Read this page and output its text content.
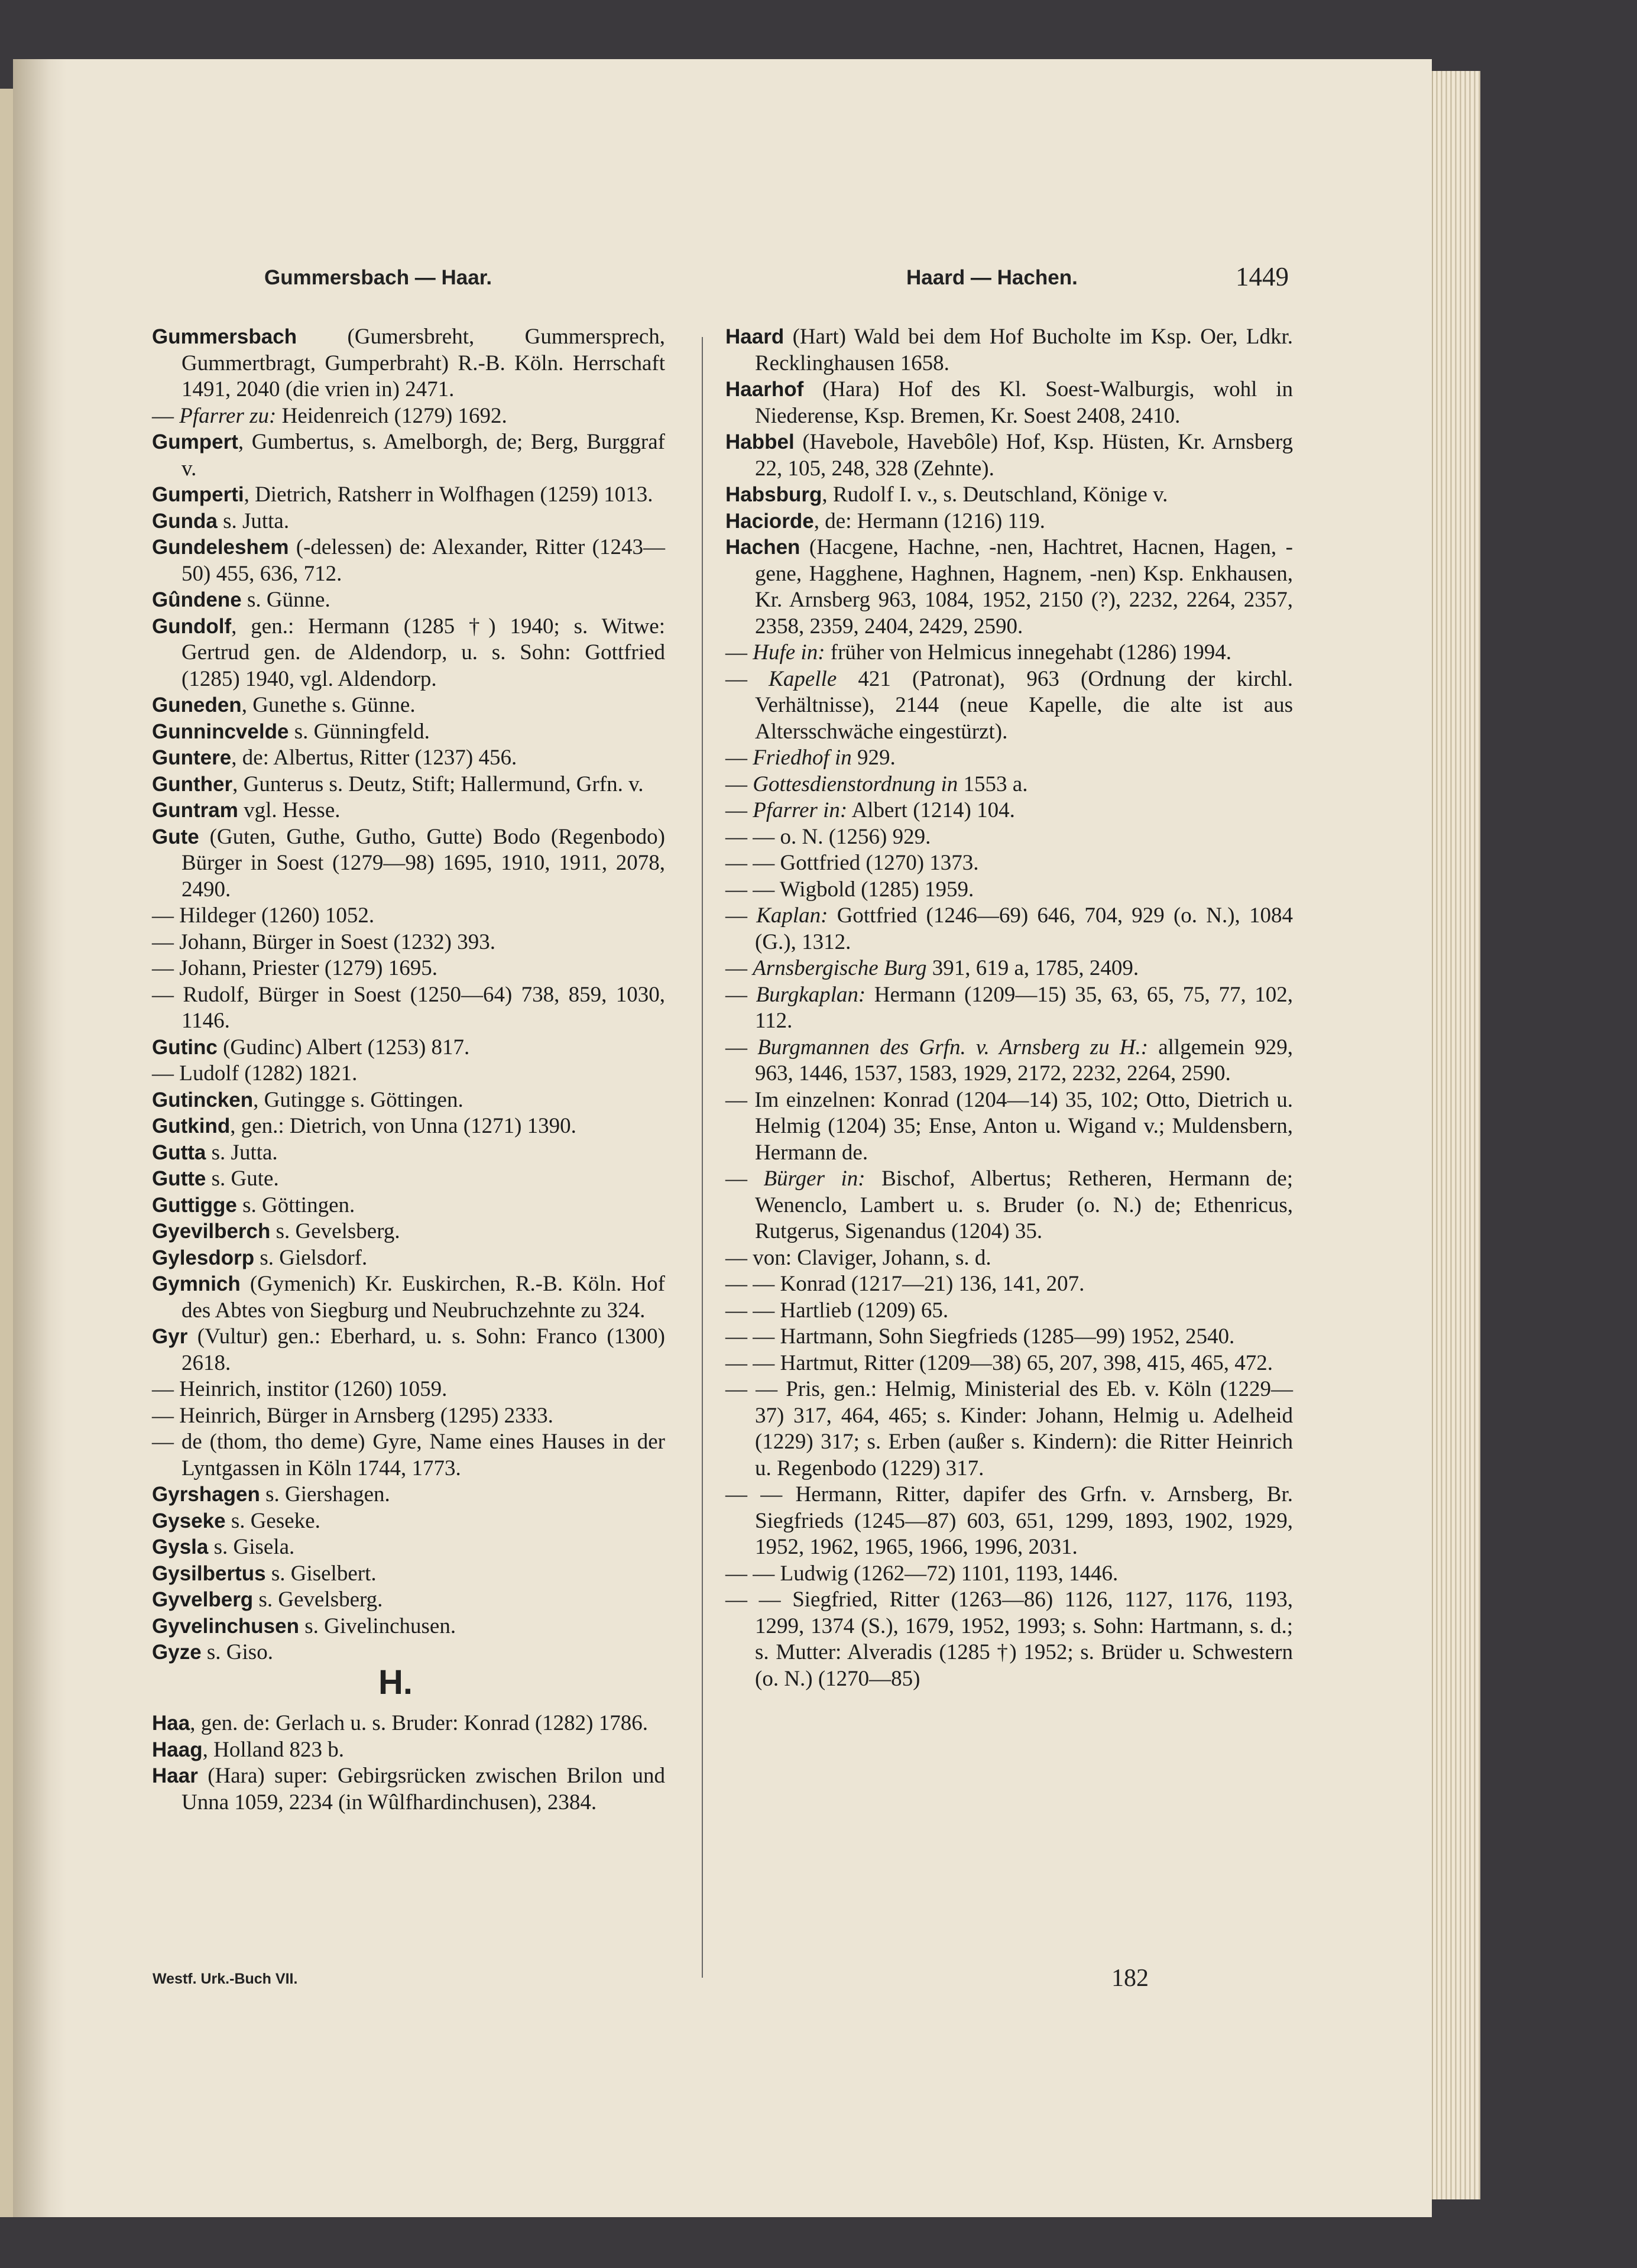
Gummersbach — Haar.	Haard — Hachen.	1449
Gummersbach (Gumersbreht, Gummersprech, Gummertbragt, Gumperbraht) R.-B. Köln. Herrschaft 1491, 2040 (die vrien in) 2471.
— Pfarrer zu: Heidenreich (1279) 1692.
Gumpert, Gumbertus, s. Amelborgh, de; Berg, Burggraf v.
Gumperti, Dietrich, Ratsherr in Wolfhagen (1259) 1013.
Gunda s. Jutta.
Gundeleshem (-delessen) de: Alexander, Ritter (1243—50) 455, 636, 712.
Gûndene s. Günne.
Gundolf, gen.: Hermann (1285 †) 1940; s. Witwe: Gertrud gen. de Aldendorp, u. s. Sohn: Gottfried (1285) 1940, vgl. Aldendorp.
Guneden, Gunethe s. Günne.
Gunnincvelde s. Günningfeld.
Guntere, de: Albertus, Ritter (1237) 456.
Gunther, Gunterus s. Deutz, Stift; Hallermund, Grfn. v.
Guntram vgl. Hesse.
Gute (Guten, Guthe, Gutho, Gutte) Bodo (Regenbodo) Bürger in Soest (1279—98) 1695, 1910, 1911, 2078, 2490.
— Hildeger (1260) 1052.
— Johann, Bürger in Soest (1232) 393.
— Johann, Priester (1279) 1695.
— Rudolf, Bürger in Soest (1250—64) 738, 859, 1030, 1146.
Gutinc (Gudinc) Albert (1253) 817.
— Ludolf (1282) 1821.
Gutincken, Gutingge s. Göttingen.
Gutkind, gen.: Dietrich, von Unna (1271) 1390.
Gutta s. Jutta.
Gutte s. Gute.
Guttigge s. Göttingen.
Gyevilberch s. Gevelsberg.
Gylesdorp s. Gielsdorf.
Gymnich (Gymenich) Kr. Euskirchen, R.-B. Köln. Hof des Abtes von Siegburg und Neubruchzehnte zu 324.
Gyr (Vultur) gen.: Eberhard, u. s. Sohn: Franco (1300) 2618.
— Heinrich, institor (1260) 1059.
— Heinrich, Bürger in Arnsberg (1295) 2333.
— de (thom, tho deme) Gyre, Name eines Hauses in der Lyntgassen in Köln 1744, 1773.
Gyrshagen s. Giershagen.
Gyseke s. Geseke.
Gysla s. Gisela.
Gysilbertus s. Giselbert.
Gyvelberg s. Gevelsberg.
Gyvelinchusen s. Givelinchusen.
Gyze s. Giso.
H.
Haa, gen. de: Gerlach u. s. Bruder: Konrad (1282) 1786.
Haag, Holland 823 b.
Haar (Hara) super: Gebirgsrücken zwischen Brilon und Unna 1059, 2234 (in Wûlfhardinchusen), 2384.
Haard (Hart) Wald bei dem Hof Bucholte im Ksp. Oer, Ldkr. Recklinghausen 1658.
Haarhof (Hara) Hof des Kl. Soest-Walburgis, wohl in Niederense, Ksp. Bremen, Kr. Soest 2408, 2410.
Habbel (Havebole, Havebôle) Hof, Ksp. Hüsten, Kr. Arnsberg 22, 105, 248, 328 (Zehnte).
Habsburg, Rudolf I. v., s. Deutschland, Könige v.
Haciorde, de: Hermann (1216) 119.
Hachen (Hacgene, Hachne, -nen, Hachtret, Hacnen, Hagen, -gene, Hagghene, Haghnen, Hagnem, -nen) Ksp. Enkhausen, Kr. Arnsberg 963, 1084, 1952, 2150 (?), 2232, 2264, 2357, 2358, 2359, 2404, 2429, 2590.
— Hufe in: früher von Helmicus innegehabt (1286) 1994.
— Kapelle 421 (Patronat), 963 (Ordnung der kirchl. Verhältnisse), 2144 (neue Kapelle, die alte ist aus Altersschwäche eingestürzt).
— Friedhof in 929.
— Gottesdienstordnung in 1553 a.
— Pfarrer in: Albert (1214) 104.
— — o. N. (1256) 929.
— — Gottfried (1270) 1373.
— — Wigbold (1285) 1959.
— Kaplan: Gottfried (1246—69) 646, 704, 929 (o. N.), 1084 (G.), 1312.
— Arnsbergische Burg 391, 619 a, 1785, 2409.
— Burgkaplan: Hermann (1209—15) 35, 63, 65, 75, 77, 102, 112.
— Burgmannen des Grfn. v. Arnsberg zu H.: allgemein 929, 963, 1446, 1537, 1583, 1929, 2172, 2232, 2264, 2590.
— Im einzelnen: Konrad (1204—14) 35, 102; Otto, Dietrich u. Helmig (1204) 35; Ense, Anton u. Wigand v.; Muldensbern, Hermann de.
— Bürger in: Bischof, Albertus; Retheren, Hermann de; Wenenclo, Lambert u. s. Bruder (o. N.) de; Ethenricus, Rutgerus, Sigenandus (1204) 35.
— von: Claviger, Johann, s. d.
— — Konrad (1217—21) 136, 141, 207.
— — Hartlieb (1209) 65.
— — Hartmann, Sohn Siegfrieds (1285—99) 1952, 2540.
— — Hartmut, Ritter (1209—38) 65, 207, 398, 415, 465, 472.
— — Pris, gen.: Helmig, Ministerial des Eb. v. Köln (1229—37) 317, 464, 465; s. Kinder: Johann, Helmig u. Adelheid (1229) 317; s. Erben (außer s. Kindern): die Ritter Heinrich u. Regenbodo (1229) 317.
— — Hermann, Ritter, dapifer des Grfn. v. Arnsberg, Br. Siegfrieds (1245—87) 603, 651, 1299, 1893, 1902, 1929, 1952, 1962, 1965, 1966, 1996, 2031.
— — Ludwig (1262—72) 1101, 1193, 1446.
— — Siegfried, Ritter (1263—86) 1126, 1127, 1176, 1193, 1299, 1374 (S.), 1679, 1952, 1993; s. Sohn: Hartmann, s. d.; s. Mutter: Alveradis (1285 †) 1952; s. Brüder u. Schwestern (o. N.) (1270—85)
Westf. Urk.-Buch VII.	182
